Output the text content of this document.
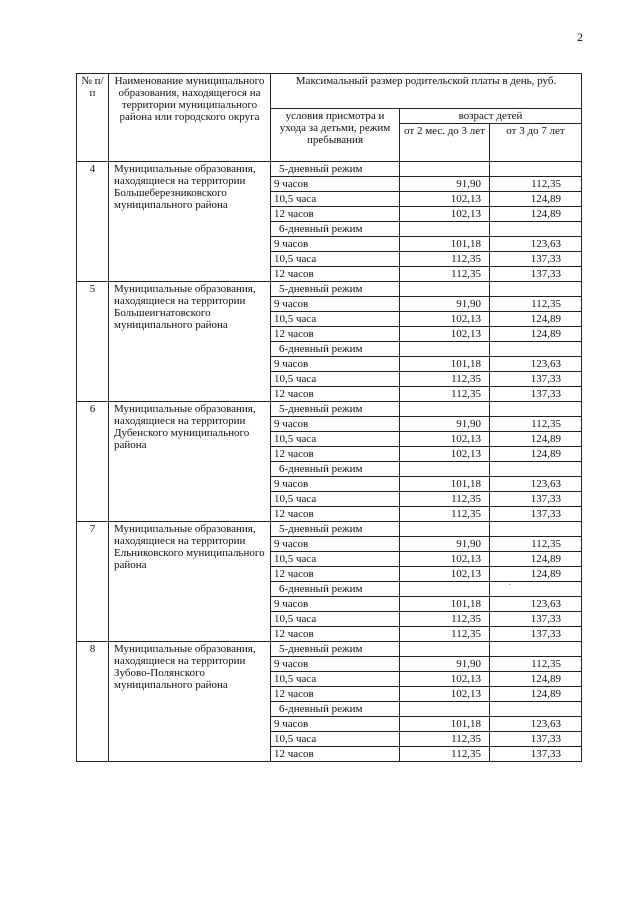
2
№ п/п	Наименование муниципального образования, находящегося на территории муниципального района или городского округа	Максимальный размер родительской платы в день, руб.		
		условия присмотра и ухода за детьми, режим пребывания	возраст детей	
			от 2 мес. до 3 лет	от 3 до 7 лет
4	Муниципальные образования, находящиеся на территории Большеберезниковского муниципального района	5-дневный режим		
		9 часов	91,90	112,35
		10,5 часа	102,13	124,89
		12 часов	102,13	124,89
		6-дневный режим		
		9 часов	101,18	123,63
		10,5 часа	112,35	137,33
		12 часов	112,35	137,33
5	Муниципальные образования, находящиеся на территории Большеигнатовского муниципального района	5-дневный режим		
		9 часов	91,90	112,35
		10,5 часа	102,13	124,89
		12 часов	102,13	124,89
		6-дневный режим		
		9 часов	101,18	123,63
		10,5 часа	112,35	137,33
		12 часов	112,35	137,33
6	Муниципальные образования, находящиеся на территории Дубенского муниципального района	5-дневный режим		
		9 часов	91,90	112,35
		10,5 часа	102,13	124,89
		12 часов	102,13	124,89
		6-дневный режим		
		9 часов	101,18	123,63
		10,5 часа	112,35	137,33
		12 часов	112,35	137,33
7	Муниципальные образования, находящиеся на территории Ельниковского муниципального района	5-дневный режим		
		9 часов	91,90	112,35
		10,5 часа	102,13	124,89
		12 часов	102,13	124,89
		6-дневный режим		
		9 часов	101,18	123,63
		10,5 часа	112,35	137,33
		12 часов	112,35	137,33
8	Муниципальные образования, находящиеся на территории Зубово-Полянского муниципального района	5-дневный режим		
		9 часов	91,90	112,35
		10,5 часа	102,13	124,89
		12 часов	102,13	124,89
		6-дневный режим		
		9 часов	101,18	123,63
		10,5 часа	112,35	137,33
		12 часов	112,35	137,33
·
